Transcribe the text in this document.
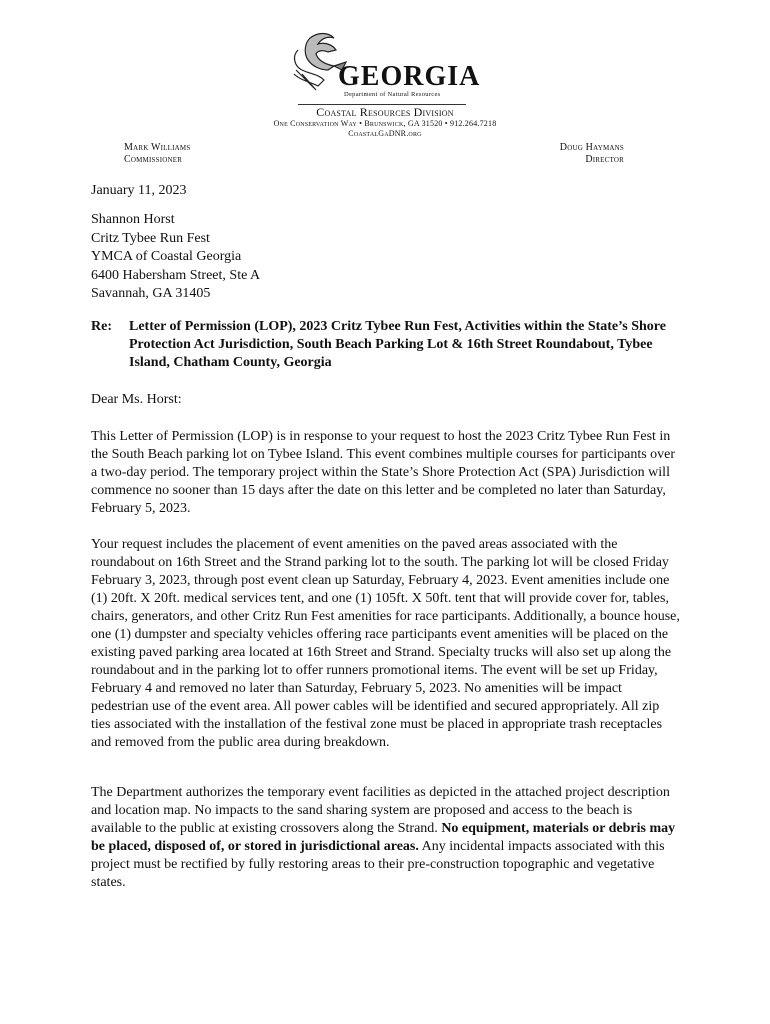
GEORGIA
Department of Natural Resources
Coastal Resources Division
One Conservation Way • Brunswick, GA 31520 • 912.264.7218
CoastalGaDNR.org
Mark Williams
Commissioner
Doug Haymans
Director
January 11, 2023
Shannon Horst
Critz Tybee Run Fest
YMCA of Coastal Georgia
6400 Habersham Street, Ste A
Savannah, GA 31405
Re: Letter of Permission (LOP), 2023 Critz Tybee Run Fest, Activities within the State’s Shore Protection Act Jurisdiction, South Beach Parking Lot & 16th Street Roundabout, Tybee Island, Chatham County, Georgia
Dear Ms. Horst:

This Letter of Permission (LOP) is in response to your request to host the 2023 Critz Tybee Run Fest in the South Beach parking lot on Tybee Island. This event combines multiple courses for participants over a two-day period. The temporary project within the State’s Shore Protection Act (SPA) Jurisdiction will commence no sooner than 15 days after the date on this letter and be completed no later than Saturday, February 5, 2023.

Your request includes the placement of event amenities on the paved areas associated with the roundabout on 16th Street and the Strand parking lot to the south. The parking lot will be closed Friday February 3, 2023, through post event clean up Saturday, February 4, 2023. Event amenities include one (1) 20ft. X 20ft. medical services tent, and one (1) 105ft. X 50ft. tent that will provide cover for, tables, chairs, generators, and other Critz Run Fest amenities for race participants. Additionally, a bounce house, one (1) dumpster and specialty vehicles offering race participants event amenities will be placed on the existing paved parking area located at 16th Street and Strand. Specialty trucks will also set up along the roundabout and in the parking lot to offer runners promotional items. The event will be set up Friday, February 4 and removed no later than Saturday, February 5, 2023. No amenities will be impact pedestrian use of the event area. All power cables will be identified and secured appropriately. All zip ties associated with the installation of the festival zone must be placed in appropriate trash receptacles and removed from the public area during breakdown.

The Department authorizes the temporary event facilities as depicted in the attached project description and location map. No impacts to the sand sharing system are proposed and access to the beach is available to the public at existing crossovers along the Strand. No equipment, materials or debris may be placed, disposed of, or stored in jurisdictional areas. Any incidental impacts associated with this project must be rectified by fully restoring areas to their pre-construction topographic and vegetative states.
